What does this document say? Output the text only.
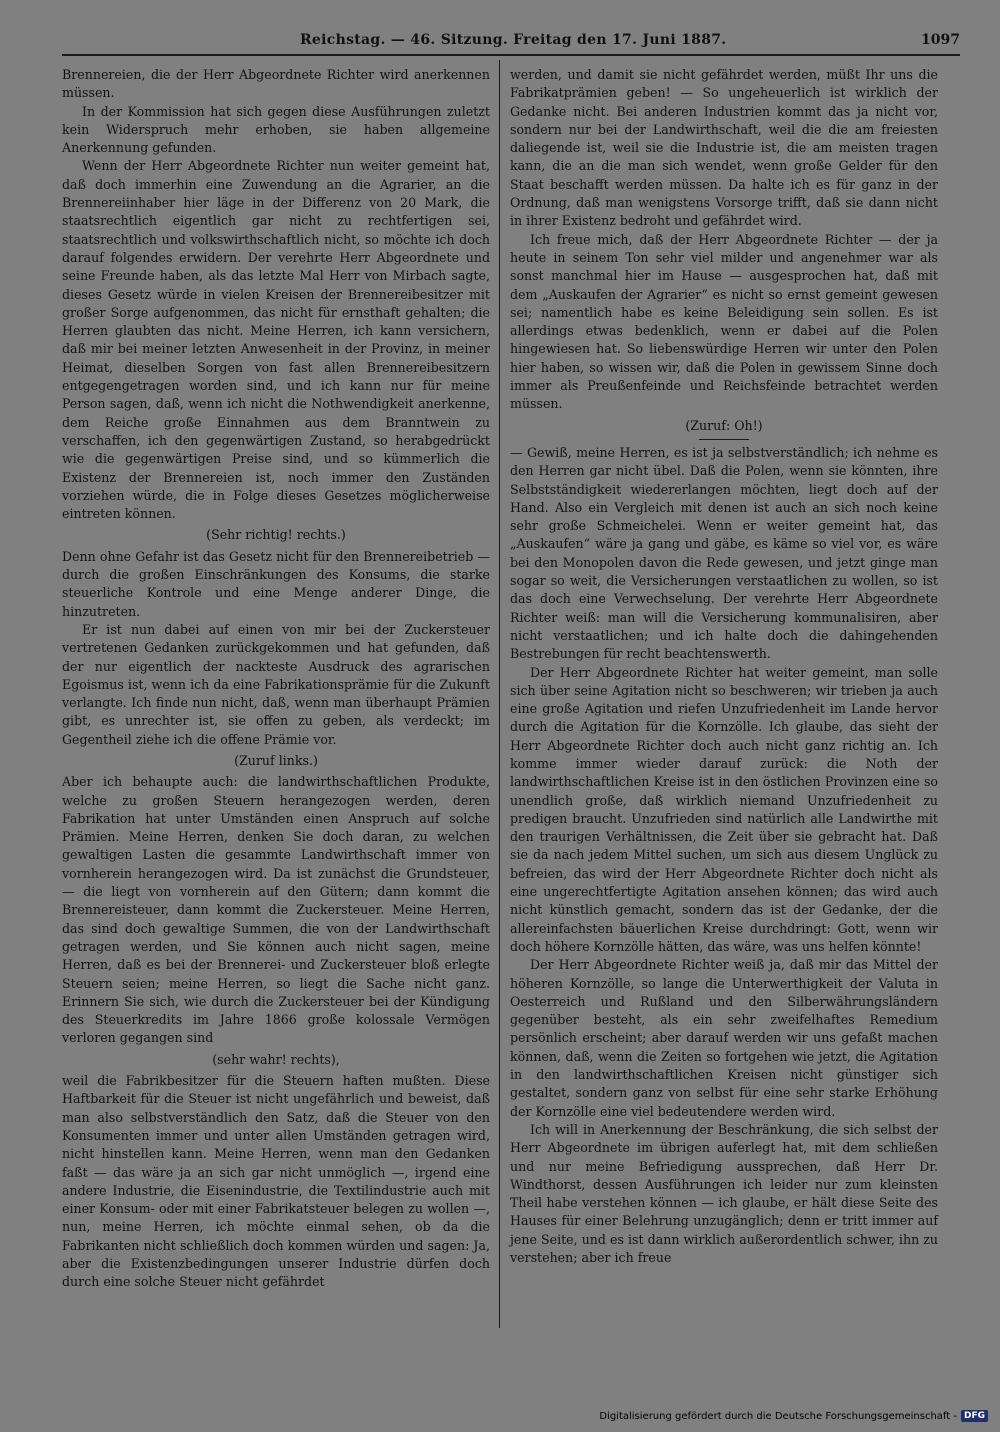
Reichstag. — 46. Sitzung. Freitag den 17. Juni 1887.	1097

Brennereien, die der Herr Abgeordnete Richter wird anerkennen müssen.

In der Kommission hat sich gegen diese Ausführungen zuletzt kein Widerspruch mehr erhoben, sie haben allgemeine Anerkennung gefunden.

Wenn der Herr Abgeordnete Richter nun weiter gemeint hat, daß doch immerhin eine Zuwendung an die Agrarier, an die Brennereiinhaber hier läge in der Differenz von 20 Mark, die staatsrechtlich eigentlich gar nicht zu rechtfertigen sei, staatsrechtlich und volkswirthschaftlich nicht, so möchte ich doch darauf folgendes erwidern. Der verehrte Herr Abgeordnete und seine Freunde haben, als das letzte Mal Herr von Mirbach sagte, dieses Gesetz würde in vielen Kreisen der Brennereibesitzer mit großer Sorge aufgenommen, das nicht für ernsthaft gehalten; die Herren glaubten das nicht. Meine Herren, ich kann versichern, daß mir bei meiner letzten Anwesenheit in der Provinz, in meiner Heimat, dieselben Sorgen von fast allen Brennereibesitzern entgegengetragen worden sind, und ich kann nur für meine Person sagen, daß, wenn ich nicht die Nothwendigkeit anerkenne, dem Reiche große Einnahmen aus dem Branntwein zu verschaffen, ich den gegenwärtigen Zustand, so herabgedrückt wie die gegenwärtigen Preise sind, und so kümmerlich die Existenz der Brennereien ist, noch immer den Zuständen vorziehen würde, die in Folge dieses Gesetzes möglicherweise eintreten können.

(Sehr richtig! rechts.)

Denn ohne Gefahr ist das Gesetz nicht für den Brennereibetrieb — durch die großen Einschränkungen des Konsums, die starke steuerliche Kontrole und eine Menge anderer Dinge, die hinzutreten.

Er ist nun dabei auf einen von mir bei der Zuckersteuer vertretenen Gedanken zurückgekommen und hat gefunden, daß der nur eigentlich der nackteste Ausdruck des agrarischen Egoismus ist, wenn ich da eine Fabrikationsprämie für die Zukunft verlangte. Ich finde nun nicht, daß, wenn man überhaupt Prämien gibt, es unrechter ist, sie offen zu geben, als verdeckt; im Gegentheil ziehe ich die offene Prämie vor.

(Zuruf links.)

Aber ich behaupte auch: die landwirthschaftlichen Produkte, welche zu großen Steuern herangezogen werden, deren Fabrikation hat unter Umständen einen Anspruch auf solche Prämien. Meine Herren, denken Sie doch daran, zu welchen gewaltigen Lasten die gesammte Landwirthschaft immer von vornherein herangezogen wird. Da ist zunächst die Grundsteuer, — die liegt von vornherein auf den Gütern; dann kommt die Brennereisteuer, dann kommt die Zuckersteuer. Meine Herren, das sind doch gewaltige Summen, die von der Landwirthschaft getragen werden, und Sie können auch nicht sagen, meine Herren, daß es bei der Brennerei- und Zuckersteuer bloß erlegte Steuern seien; meine Herren, so liegt die Sache nicht ganz. Erinnern Sie sich, wie durch die Zuckersteuer bei der Kündigung des Steuerkredits im Jahre 1866 große kolossale Vermögen verloren gegangen sind

(sehr wahr! rechts),

weil die Fabrikbesitzer für die Steuern haften mußten. Diese Haftbarkeit für die Steuer ist nicht ungefährlich und beweist, daß man also selbstverständlich den Satz, daß die Steuer von den Konsumenten immer und unter allen Umständen getragen wird, nicht hinstellen kann. Meine Herren, wenn man den Gedanken faßt — das wäre ja an sich gar nicht unmöglich —, irgend eine andere Industrie, die Eisenindustrie, die Textilindustrie auch mit einer Konsum- oder mit einer Fabrikatsteuer belegen zu wollen —, nun, meine Herren, ich möchte einmal sehen, ob da die Fabrikanten nicht schließlich doch kommen würden und sagen: Ja, aber die Existenzbedingungen unserer Industrie dürfen doch durch eine solche Steuer nicht gefährdet

werden, und damit sie nicht gefährdet werden, müßt Ihr uns die Fabrikatprämien geben! — So ungeheuerlich ist wirklich der Gedanke nicht. Bei anderen Industrien kommt das ja nicht vor, sondern nur bei der Landwirthschaft, weil die die am freiesten daliegende ist, weil sie die Industrie ist, die am meisten tragen kann, die an die man sich wendet, wenn große Gelder für den Staat beschafft werden müssen. Da halte ich es für ganz in der Ordnung, daß man wenigstens Vorsorge trifft, daß sie dann nicht in ihrer Existenz bedroht und gefährdet wird.

Ich freue mich, daß der Herr Abgeordnete Richter — der ja heute in seinem Ton sehr viel milder und angenehmer war als sonst manchmal hier im Hause — ausgesprochen hat, daß mit dem „Auskaufen der Agrarier“ es nicht so ernst gemeint gewesen sei; namentlich habe es keine Beleidigung sein sollen. Es ist allerdings etwas bedenklich, wenn er dabei auf die Polen hingewiesen hat. So liebenswürdige Herren wir unter den Polen hier haben, so wissen wir, daß die Polen in gewissem Sinne doch immer als Preußenfeinde und Reichsfeinde betrachtet werden müssen.

(Zuruf: Oh!)

— Gewiß, meine Herren, es ist ja selbstverständlich; ich nehme es den Herren gar nicht übel. Daß die Polen, wenn sie könnten, ihre Selbstständigkeit wiedererlangen möchten, liegt doch auf der Hand. Also ein Vergleich mit denen ist auch an sich noch keine sehr große Schmeichelei. Wenn er weiter gemeint hat, das „Auskaufen“ wäre ja gang und gäbe, es käme so viel vor, es wäre bei den Monopolen davon die Rede gewesen, und jetzt ginge man sogar so weit, die Versicherungen verstaatlichen zu wollen, so ist das doch eine Verwechselung. Der verehrte Herr Abgeordnete Richter weiß: man will die Versicherung kommunalisiren, aber nicht verstaatlichen; und ich halte doch die dahingehenden Bestrebungen für recht beachtenswerth.

Der Herr Abgeordnete Richter hat weiter gemeint, man solle sich über seine Agitation nicht so beschweren; wir trieben ja auch eine große Agitation und riefen Unzufriedenheit im Lande hervor durch die Agitation für die Kornzölle. Ich glaube, das sieht der Herr Abgeordnete Richter doch auch nicht ganz richtig an. Ich komme immer wieder darauf zurück: die Noth der landwirthschaftlichen Kreise ist in den östlichen Provinzen eine so unendlich große, daß wirklich niemand Unzufriedenheit zu predigen braucht. Unzufrieden sind natürlich alle Landwirthe mit den traurigen Verhältnissen, die Zeit über sie gebracht hat. Daß sie da nach jedem Mittel suchen, um sich aus diesem Unglück zu befreien, das wird der Herr Abgeordnete Richter doch nicht als eine ungerechtfertigte Agitation ansehen können; das wird auch nicht künstlich gemacht, sondern das ist der Gedanke, der die allereinfachsten bäuerlichen Kreise durchdringt: Gott, wenn wir doch höhere Kornzölle hätten, das wäre, was uns helfen könnte!

Der Herr Abgeordnete Richter weiß ja, daß mir das Mittel der höheren Kornzölle, so lange die Unterwerthigkeit der Valuta in Oesterreich und Rußland und den Silberwährungsländern gegenüber besteht, als ein sehr zweifelhaftes Remedium persönlich erscheint; aber darauf werden wir uns gefaßt machen können, daß, wenn die Zeiten so fortgehen wie jetzt, die Agitation in den landwirthschaftlichen Kreisen nicht günstiger sich gestaltet, sondern ganz von selbst für eine sehr starke Erhöhung der Kornzölle eine viel bedeutendere werden wird.

Ich will in Anerkennung der Beschränkung, die sich selbst der Herr Abgeordnete im übrigen auferlegt hat, mit dem schließen und nur meine Befriedigung aussprechen, daß Herr Dr. Windthorst, dessen Ausführungen ich leider nur zum kleinsten Theil habe verstehen können — ich glaube, er hält diese Seite des Hauses für einer Belehrung unzugänglich; denn er tritt immer auf jene Seite, und es ist dann wirklich außerordentlich schwer, ihn zu verstehen; aber ich freue

Digitalisierung gefördert durch die Deutsche Forschungsgemeinschaft - DFG
